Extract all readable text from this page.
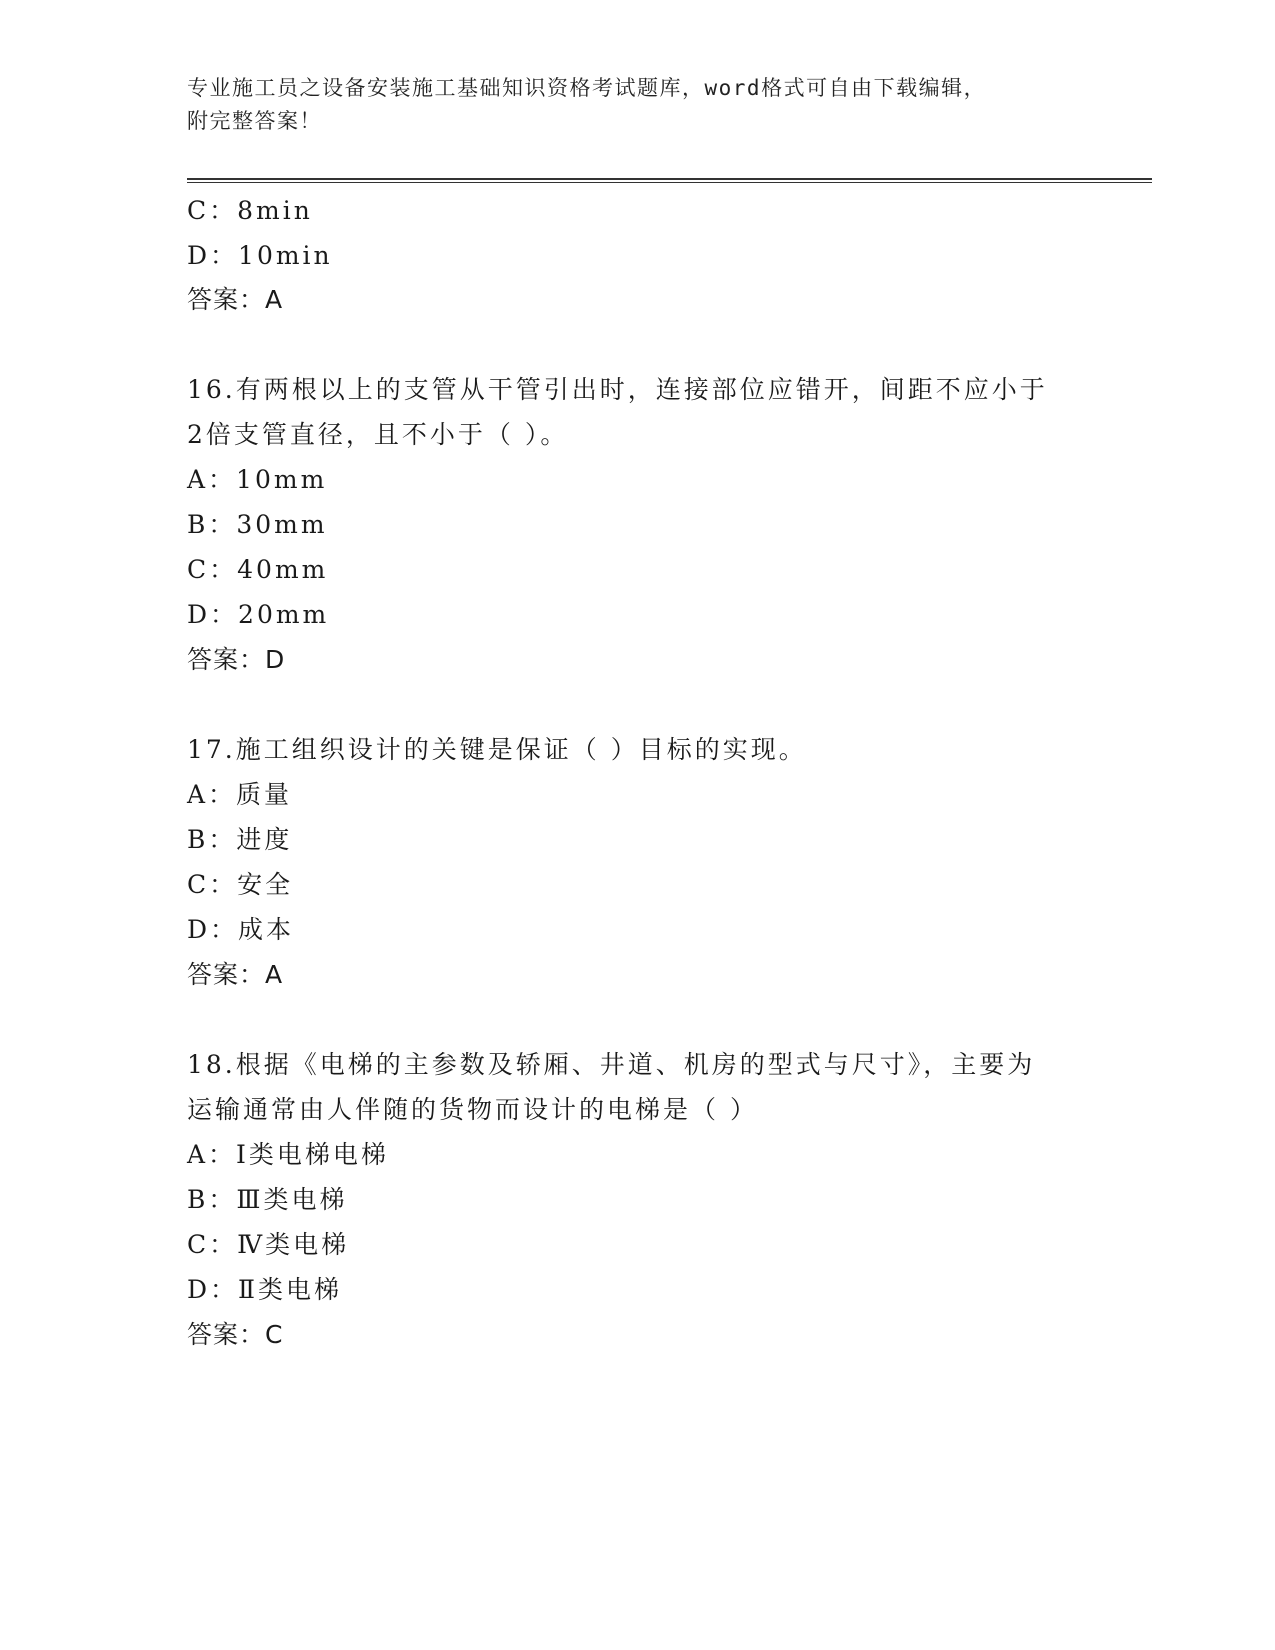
专业施工员之设备安装施工基础知识资格考试题库，word格式可自由下载编辑，
附完整答案！
C：8min
D：10min
答案：A
16.有两根以上的支管从干管引出时，连接部位应错开，间距不应小于
2倍支管直径，且不小于（ ）。
A：10mm
B：30mm
C：40mm
D：20mm
答案：D
17.施工组织设计的关键是保证（ ）目标的实现。
A：质量
B：进度
C：安全
D：成本
答案：A
18.根据《电梯的主参数及轿厢、井道、机房的型式与尺寸》，主要为
运输通常由人伴随的货物而设计的电梯是（ ）
A：Ⅰ类电梯电梯
B：Ⅲ类电梯
C：Ⅳ类电梯
D：Ⅱ类电梯
答案：C
